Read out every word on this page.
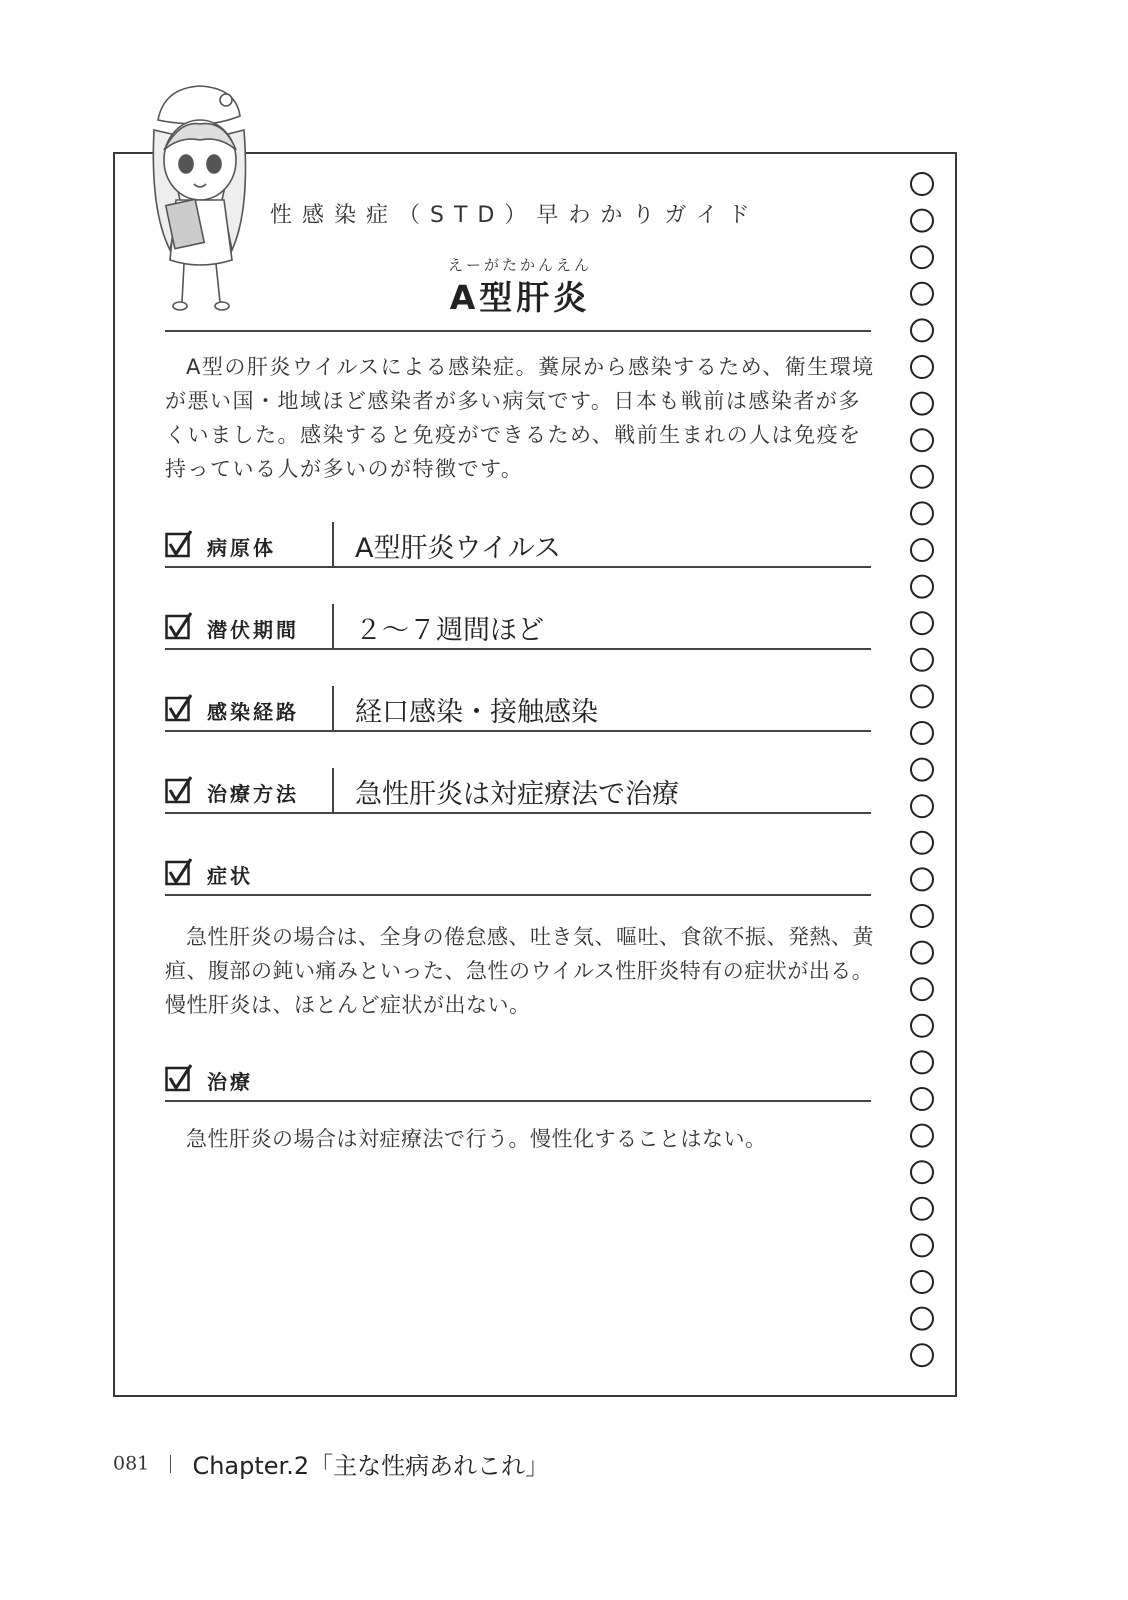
性感染症（STD）早わかりガイド
えーがたかんえん
A型肝炎

A型の肝炎ウイルスによる感染症。糞尿から感染するため、衛生環境が悪い国・地域ほど感染者が多い病気です。日本も戦前は感染者が多くいました。感染すると免疫ができるため、戦前生まれの人は免疫を持っている人が多いのが特徴です。

病原体	A型肝炎ウイルス
潜伏期間 ２〜７週間ほど
感染経路 経口感染・接触感染
治療方法 急性肝炎は対症療法で治療
症状

急性肝炎の場合は、全身の倦怠感、吐き気、嘔吐、食欲不振、発熱、黄疸、腹部の鈍い痛みといった、急性のウイルス性肝炎特有の症状が出る。慢性肝炎は、ほとんど症状が出ない。

治療

急性肝炎の場合は対症療法で行う。慢性化することはない。

081 Chapter.2「主な性病あれこれ」
